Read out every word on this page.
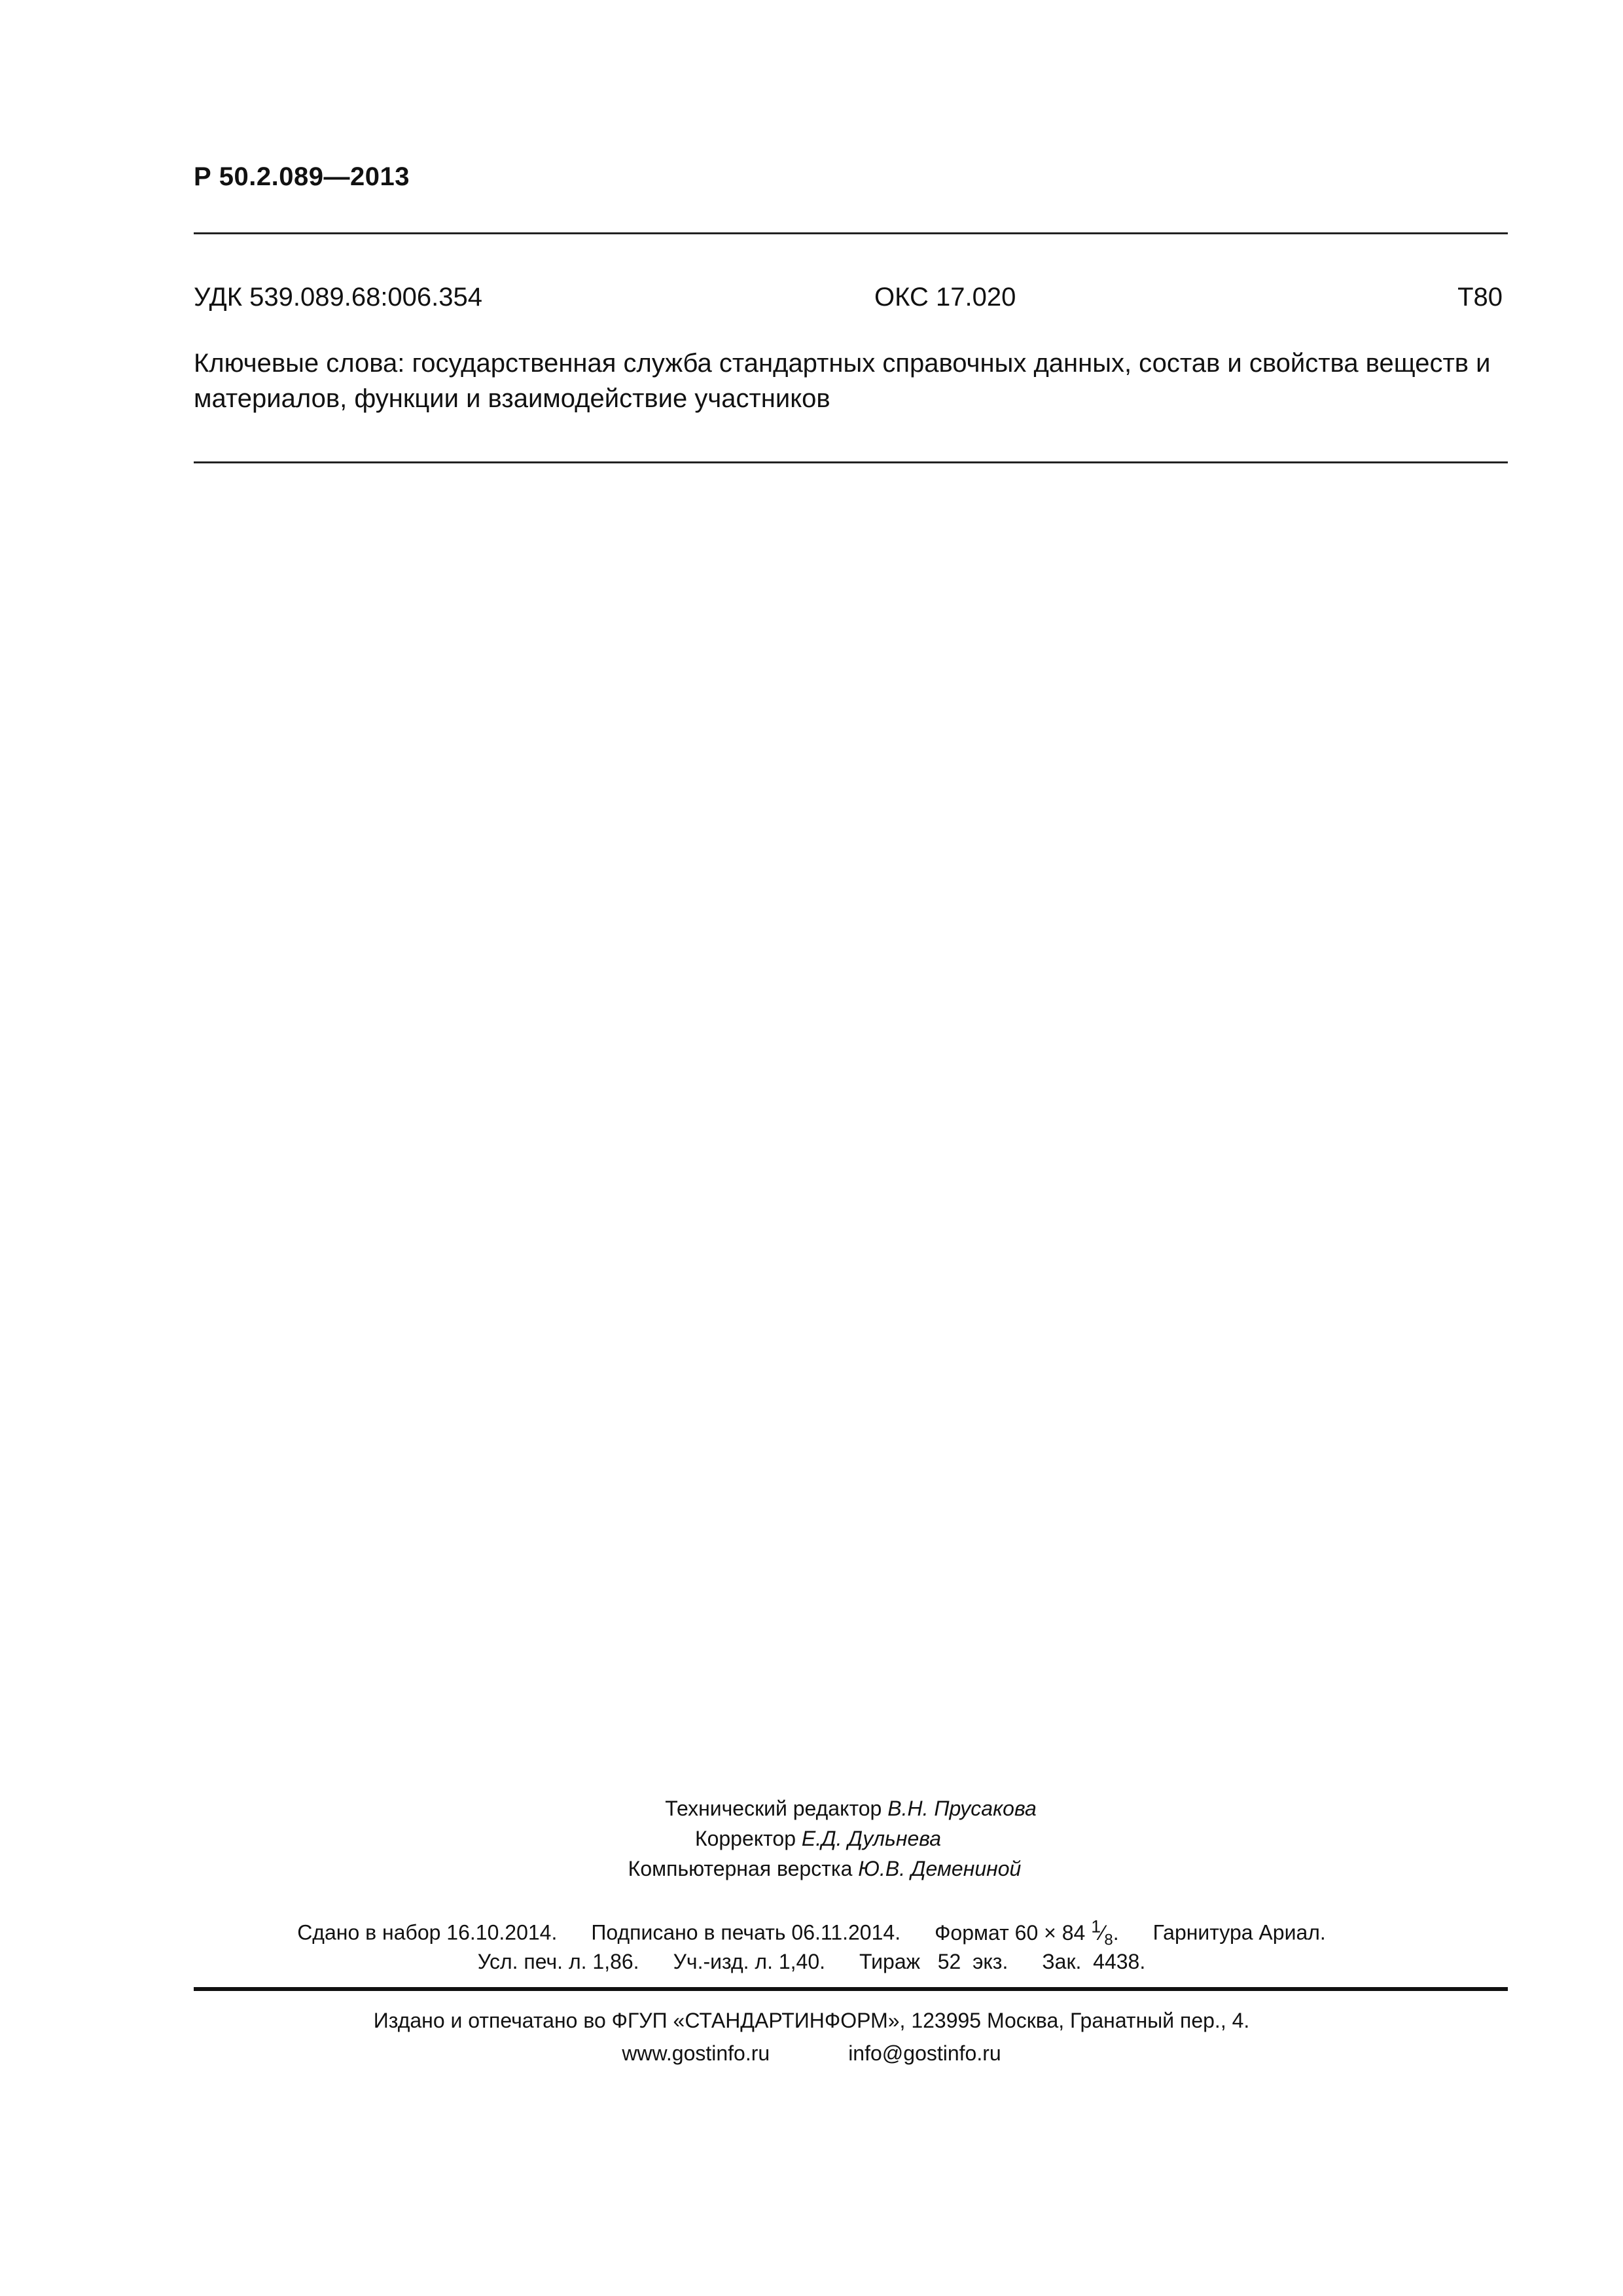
Р 50.2.089—2013
УДК 539.089.68:006.354	ОКС 17.020	Т80
Ключевые слова: государственная служба стандартных справочных данных, состав и свойства веществ и материалов, функции и взаимодействие участников
Технический редактор В.Н. Прусакова
Корректор Е.Д. Дульнева
Компьютерная верстка Ю.В. Демениной
Сдано в набор 16.10.2014. Подписано в печать 06.11.2014. Формат 60 × 84 $^1⁄_8$. Гарнитура Ариал.
Усл. печ. л. 1,86. Уч.-изд. л. 1,40. Тираж   52  экз. Зак.  4438.
Издано и отпечатано во ФГУП «СТАНДАРТИНФОРМ», 123995 Москва, Гранатный пер., 4.
www.gostinfo.ru	info@gostinfo.ru
